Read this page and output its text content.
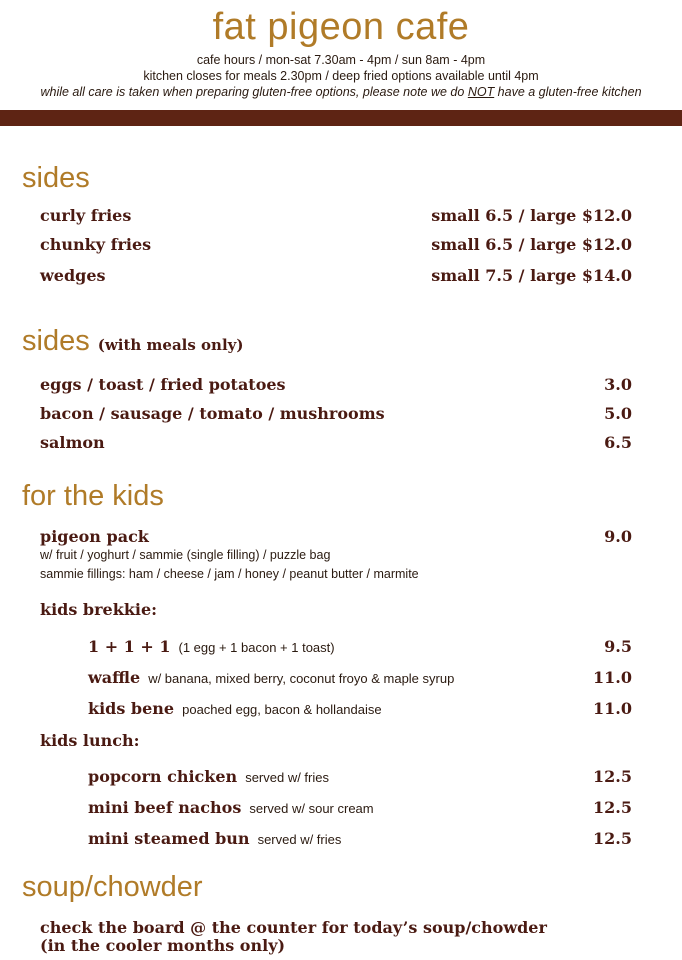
fat pigeon cafe
cafe hours / mon-sat 7.30am - 4pm / sun 8am - 4pm
kitchen closes for meals 2.30pm / deep fried options available until 4pm
while all care is taken when preparing gluten-free options, please note we do NOT have a gluten-free kitchen
sides
curly fries	small 6.5 / large $12.0
chunky fries	small 6.5 / large $12.0
wedges	small 7.5 / large $14.0
sides (with meals only)
eggs / toast / fried potatoes	3.0
bacon / sausage / tomato / mushrooms	5.0
salmon	6.5
for the kids
pigeon pack	9.0
w/ fruit / yoghurt / sammie (single filling) / puzzle bag
sammie fillings: ham / cheese / jam / honey / peanut butter / marmite
kids brekkie:
1 + 1 + 1 (1 egg + 1 bacon + 1 toast)	9.5
waffle w/ banana, mixed berry, coconut froyo & maple syrup	11.0
kids bene poached egg, bacon & hollandaise	11.0
kids lunch:
popcorn chicken served w/ fries	12.5
mini beef nachos served w/ sour cream	12.5
mini steamed bun served w/ fries	12.5
soup/chowder
check the board @ the counter for today’s soup/chowder
(in the cooler months only)
